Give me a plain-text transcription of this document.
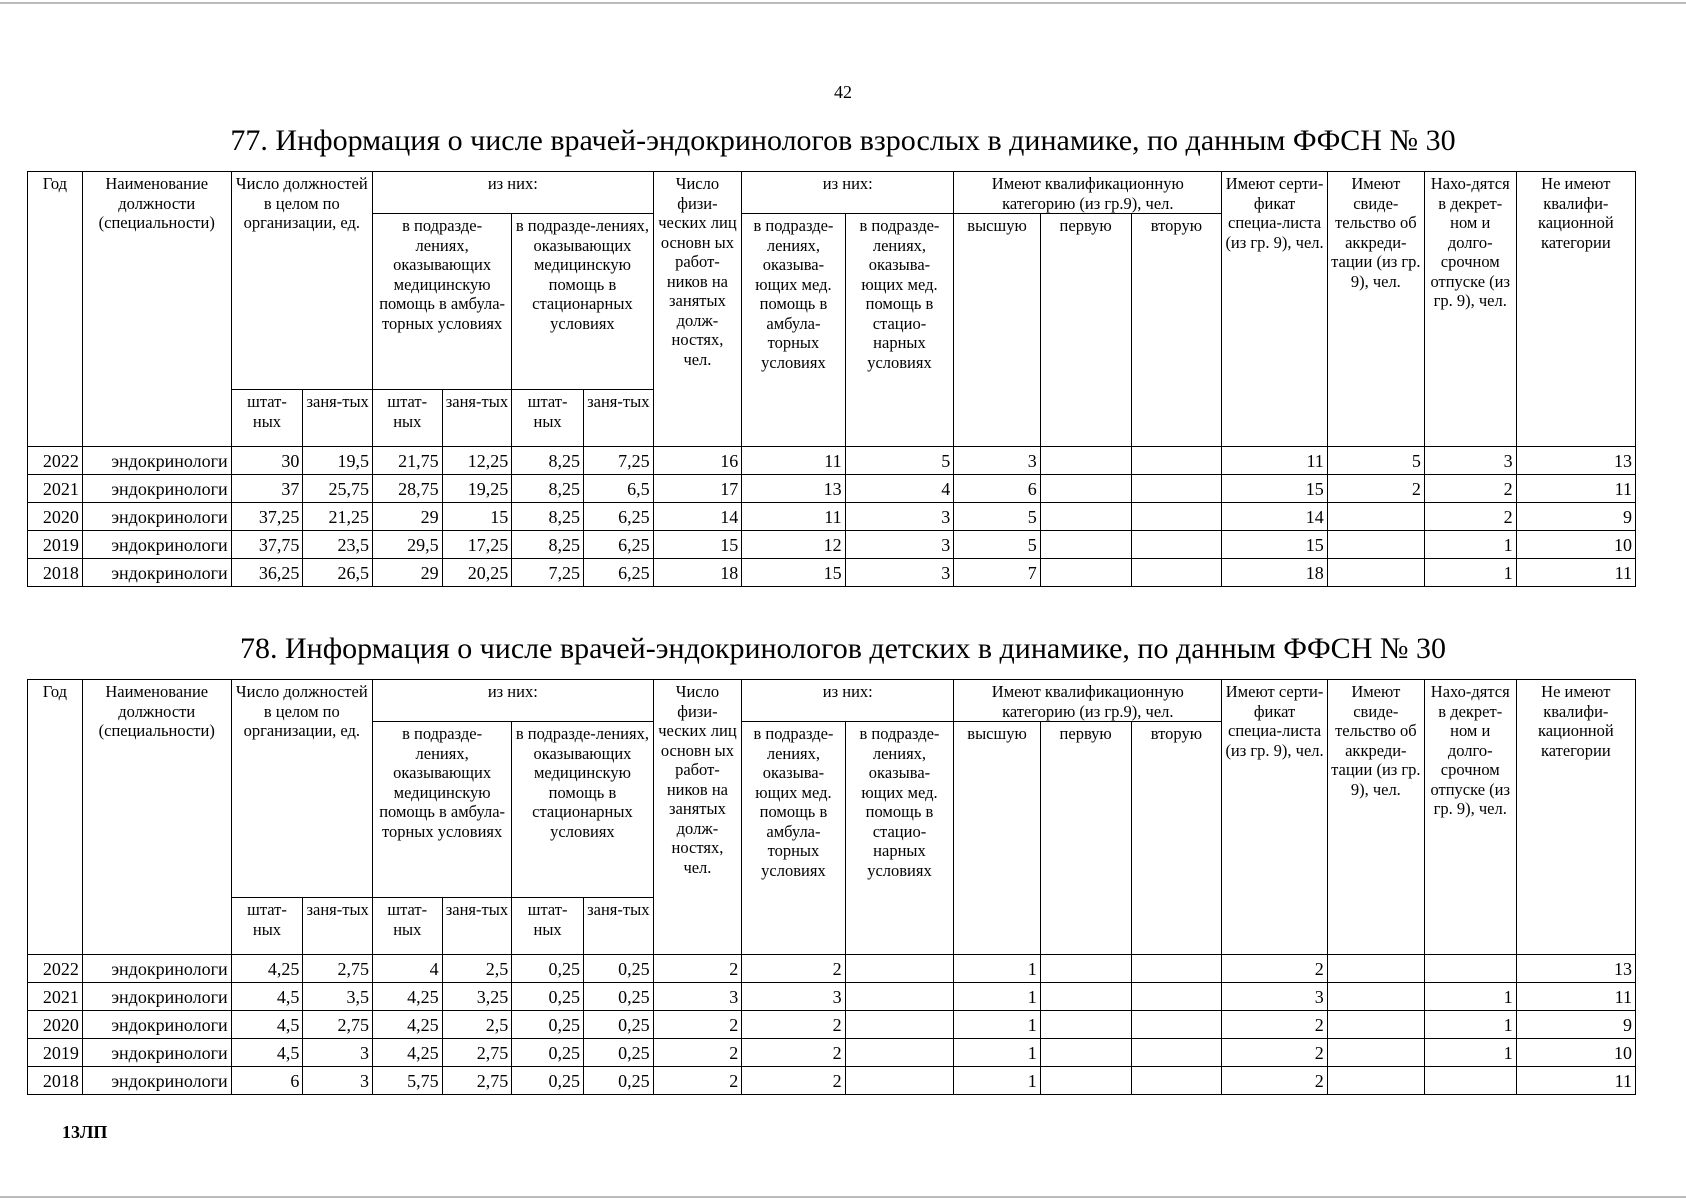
42
77. Информация о числе врачей-эндокринологов взрослых в динамике, по данным ФФСН № 30
Год	Наименование должности (специальности)	Число должностей в целом по организации, ед.		из них:				Число физи-ческих лиц основн ых работ-ников на занятых долж-ностях, чел.	из них:		Имеют квалификационную категорию (из гр.9), чел.			Имеют серти-фикат специа-листа (из гр. 9), чел.	Имеют свиде-тельство об аккреди-тации (из гр. 9), чел.	Нахо-дятся в декрет-ном и долго-срочном отпуске (из гр. 9), чел.	Не имеют квалифи-кационной категории
				в подразде-лениях, оказывающих медицинскую помощь в амбула-торных условиях		в подразде-лениях, оказывающих медицинскую помощь в стационарных условиях			в подразде-лениях, оказыва-ющих мед. помощь в амбула-торных условиях	в подразде-лениях, оказыва-ющих мед. помощь в стацио-нарных условиях	высшую	первую	вторую				
		штат-ных	заня-тых	штат-ных	заня-тых	штат-ных	заня-тых										
2022	эндокринологи	30	19,5	21,75	12,25	8,25	7,25	16	11	5	3			11	5	3	13
2021	эндокринологи	37	25,75	28,75	19,25	8,25	6,5	17	13	4	6			15	2	2	11
2020	эндокринологи	37,25	21,25	29	15	8,25	6,25	14	11	3	5			14		2	9
2019	эндокринологи	37,75	23,5	29,5	17,25	8,25	6,25	15	12	3	5			15		1	10
2018	эндокринологи	36,25	26,5	29	20,25	7,25	6,25	18	15	3	7			18		1	11
78. Информация о числе врачей-эндокринологов детских в динамике, по данным ФФСН № 30
Год	Наименование должности (специальности)	Число должностей в целом по организации, ед.		из них:				Число физи-ческих лиц основн ых работ-ников на занятых долж-ностях, чел.	из них:		Имеют квалификационную категорию (из гр.9), чел.			Имеют серти-фикат специа-листа (из гр. 9), чел.	Имеют свиде-тельство об аккреди-тации (из гр. 9), чел.	Нахо-дятся в декрет-ном и долго-срочном отпуске (из гр. 9), чел.	Не имеют квалифи-кационной категории
				в подразде-лениях, оказывающих медицинскую помощь в амбула-торных условиях		в подразде-лениях, оказывающих медицинскую помощь в стационарных условиях			в подразде-лениях, оказыва-ющих мед. помощь в амбула-торных условиях	в подразде-лениях, оказыва-ющих мед. помощь в стацио-нарных условиях	высшую	первую	вторую				
		штат-ных	заня-тых	штат-ных	заня-тых	штат-ных	заня-тых										
2022	эндокринологи	4,25	2,75	4	2,5	0,25	0,25	2	2		1			2			13
2021	эндокринологи	4,5	3,5	4,25	3,25	0,25	0,25	3	3		1			3		1	11
2020	эндокринологи	4,5	2,75	4,25	2,5	0,25	0,25	2	2		1			2		1	9
2019	эндокринологи	4,5	3	4,25	2,75	0,25	0,25	2	2		1			2		1	10
2018	эндокринологи	6	3	5,75	2,75	0,25	0,25	2	2		1			2			11
13ЛП
